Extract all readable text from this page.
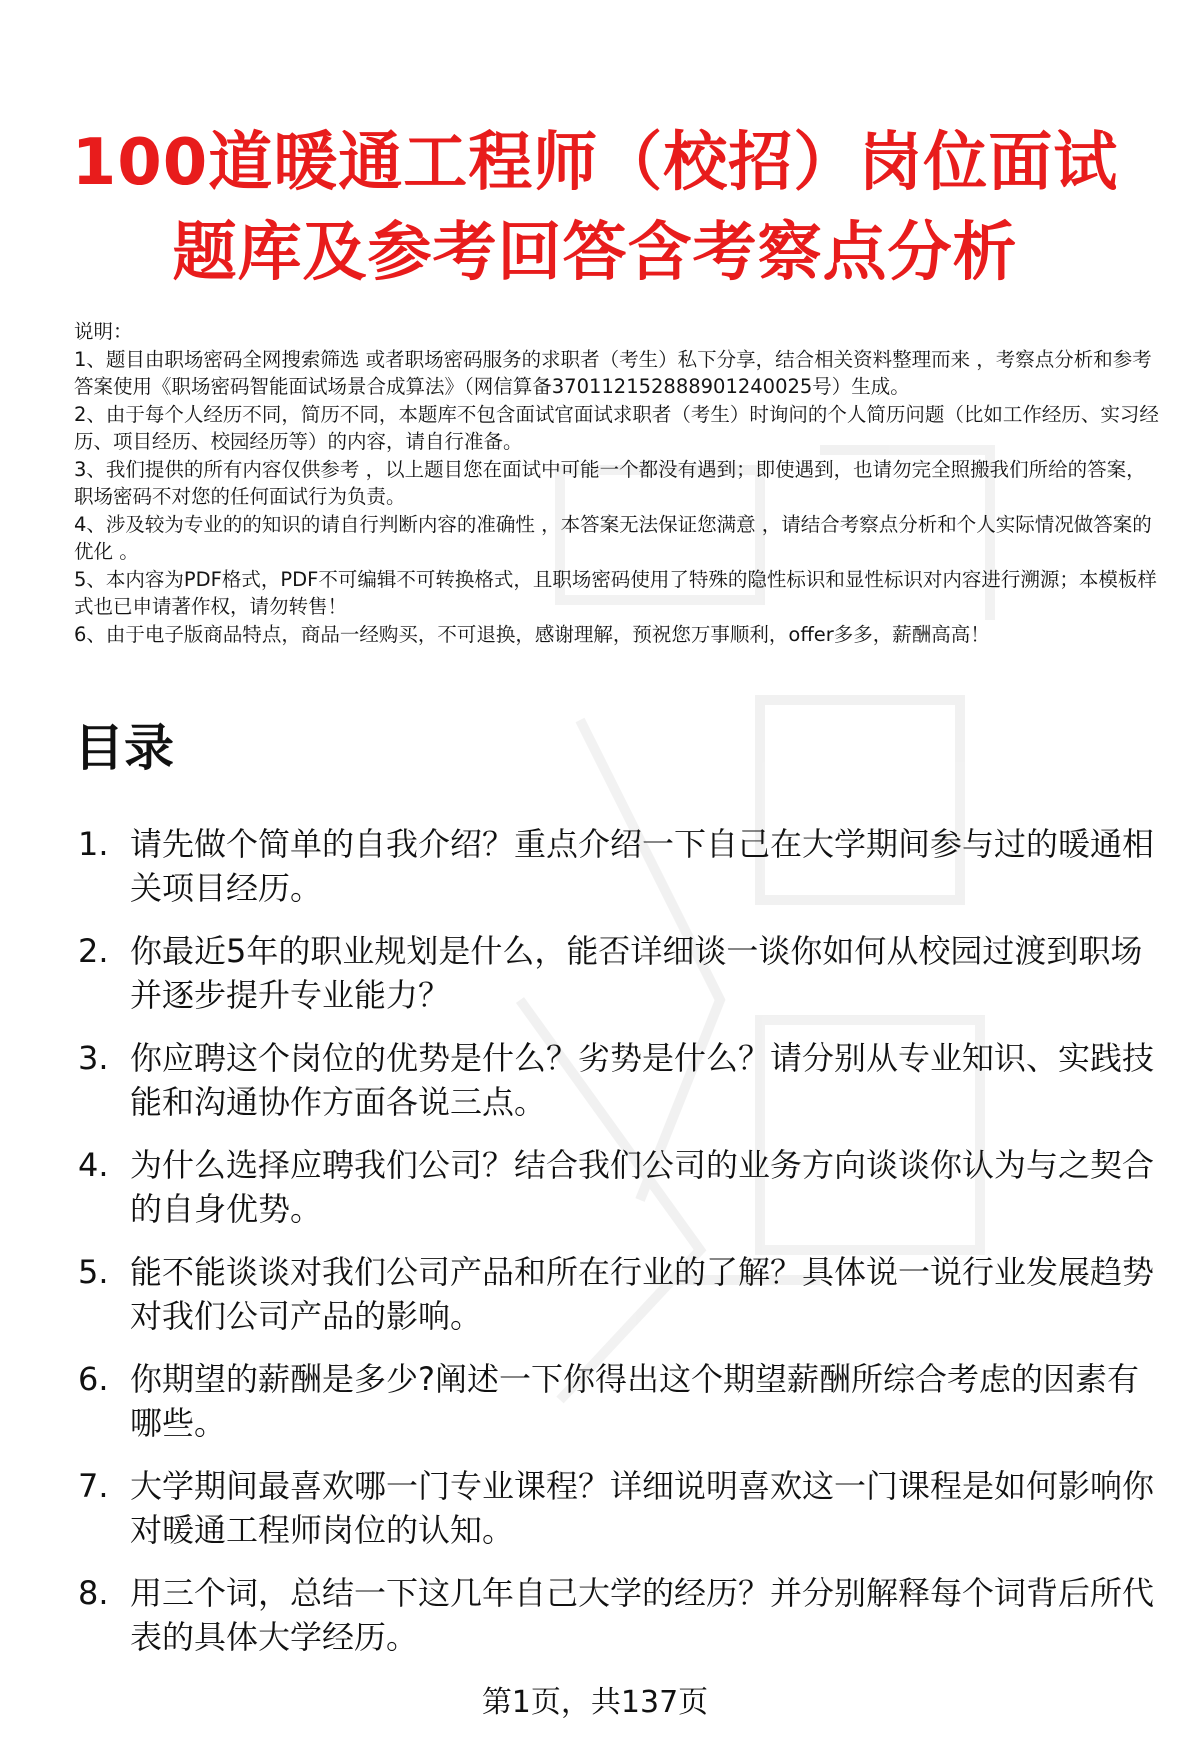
100道暖通工程师（校招）岗位面试
题库及参考回答含考察点分析

说明：

1、题目由职场密码全网搜索筛选 或者职场密码服务的求职者（考生）私下分享，结合相关资料整理而来 ，考察点分析和参考答案使用《职场密码智能面试场景合成算法》（网信算备370112152888901240025号）生成。

2、由于每个人经历不同，简历不同，本题库不包含面试官面试求职者（考生）时询问的个人简历问题（比如工作经历、实习经历、项目经历、校园经历等）的内容，请自行准备。

3、我们提供的所有内容仅供参考 ，以上题目您在面试中可能一个都没有遇到；即使遇到，也请勿完全照搬我们所给的答案，职场密码不对您的任何面试行为负责。

4、涉及较为专业的的知识的请自行判断内容的准确性 ，本答案无法保证您满意 ，请结合考察点分析和个人实际情况做答案的优化 。

5、本内容为PDF格式，PDF不可编辑不可转换格式，且职场密码使用了特殊的隐性标识和显性标识对内容进行溯源；本模板样式也已申请著作权，请勿转售！

6、由于电子版商品特点，商品一经购买，不可退换，感谢理解，预祝您万事顺利，offer多多，薪酬高高！

目录
1. 请先做个简单的自我介绍？重点介绍一下自己在大学期间参与过的暖通相关项目经历。
2. 你最近5年的职业规划是什么，能否详细谈一谈你如何从校园过渡到职场并逐步提升专业能力？
3. 你应聘这个岗位的优势是什么？劣势是什么？请分别从专业知识、实践技能和沟通协作方面各说三点。
4. 为什么选择应聘我们公司？结合我们公司的业务方向谈谈你认为与之契合的自身优势。
5. 能不能谈谈对我们公司产品和所在行业的了解？具体说一说行业发展趋势对我们公司产品的影响。
6. 你期望的薪酬是多少?阐述一下你得出这个期望薪酬所综合考虑的因素有哪些。
7. 大学期间最喜欢哪一门专业课程？详细说明喜欢这一门课程是如何影响你对暖通工程师岗位的认知。
8. 用三个词，总结一下这几年自己大学的经历？并分别解释每个词背后所代表的具体大学经历。
第1页，共137页
